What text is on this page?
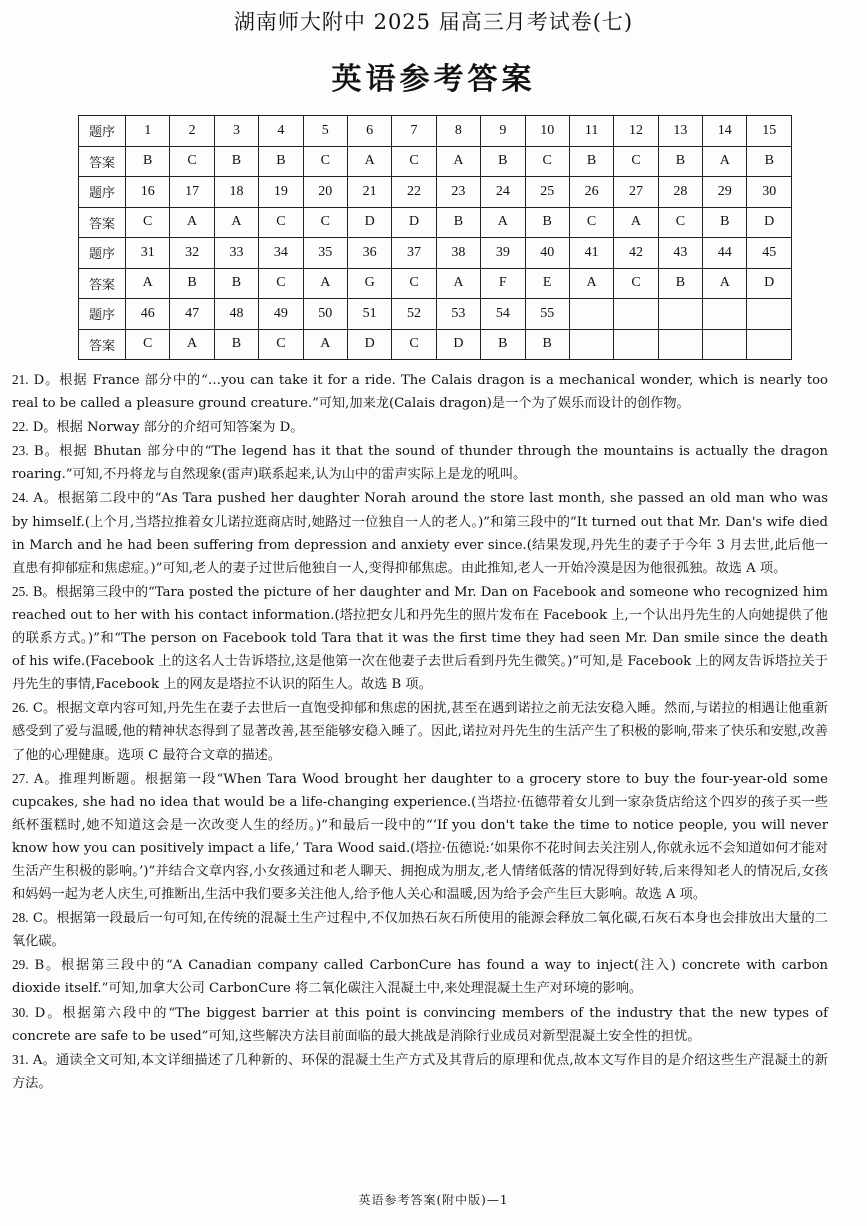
湖南师大附中 2025 届高三月考试卷(七)
英语参考答案
题序	1	2	3	4	5	6	7	8	9	10	11	12	13	14	15
答案	B	C	B	B	C	A	C	A	B	C	B	C	B	A	B
题序	16	17	18	19	20	21	22	23	24	25	26	27	28	29	30
答案	C	A	A	C	C	D	D	B	A	B	C	A	C	B	D
题序	31	32	33	34	35	36	37	38	39	40	41	42	43	44	45
答案	A	B	B	C	A	G	C	A	F	E	A	C	B	A	D
题序	46	47	48	49	50	51	52	53	54	55					
答案	C	A	B	C	A	D	C	D	B	B					

21. D。根据 France 部分中的“…you can take it for a ride. The Calais dragon is a mechanical wonder, which is nearly too real to be called a pleasure ground creature.”可知,加来龙(Calais dragon)是一个为了娱乐而设计的创作物。

22. D。根据 Norway 部分的介绍可知答案为 D。

23. B。根据 Bhutan 部分中的“The legend has it that the sound of thunder through the mountains is actually the dragon roaring.”可知,不丹将龙与自然现象(雷声)联系起来,认为山中的雷声实际上是龙的吼叫。

24. A。根据第二段中的“As Tara pushed her daughter Norah around the store last month, she passed an old man who was by himself.(上个月,当塔拉推着女儿诺拉逛商店时,她路过一位独自一人的老人。)”和第三段中的“It turned out that Mr. Dan's wife died in March and he had been suffering from depression and anxiety ever since.(结果发现,丹先生的妻子于今年 3 月去世,此后他一直患有抑郁症和焦虑症。)”可知,老人的妻子过世后他独自一人,变得抑郁焦虑。由此推知,老人一开始冷漠是因为他很孤独。故选 A 项。

25. B。根据第三段中的“Tara posted the picture of her daughter and Mr. Dan on Facebook and someone who recognized him reached out to her with his contact information.(塔拉把女儿和丹先生的照片发布在 Facebook 上,一个认出丹先生的人向她提供了他的联系方式。)”和“The person on Facebook told Tara that it was the first time they had seen Mr. Dan smile since the death of his wife.(Facebook 上的这名人士告诉塔拉,这是他第一次在他妻子去世后看到丹先生微笑。)”可知,是 Facebook 上的网友告诉塔拉关于丹先生的事情,Facebook 上的网友是塔拉不认识的陌生人。故选 B 项。

26. C。根据文章内容可知,丹先生在妻子去世后一直饱受抑郁和焦虑的困扰,甚至在遇到诺拉之前无法安稳入睡。然而,与诺拉的相遇让他重新感受到了爱与温暖,他的精神状态得到了显著改善,甚至能够安稳入睡了。因此,诺拉对丹先生的生活产生了积极的影响,带来了快乐和安慰,改善了他的心理健康。选项 C 最符合文章的描述。

27. A。推理判断题。根据第一段“When Tara Wood brought her daughter to a grocery store to buy the four-year-old some cupcakes, she had no idea that would be a life-changing experience.(当塔拉·伍德带着女儿到一家杂货店给这个四岁的孩子买一些纸杯蛋糕时,她不知道这会是一次改变人生的经历。)”和最后一段中的“‘If you don't take the time to notice people, you will never know how you can positively impact a life,’ Tara Wood said.(塔拉·伍德说:‘如果你不花时间去关注别人,你就永远不会知道如何才能对生活产生积极的影响。’)”并结合文章内容,小女孩通过和老人聊天、拥抱成为朋友,老人情绪低落的情况得到好转,后来得知老人的情况后,女孩和妈妈一起为老人庆生,可推断出,生活中我们要多关注他人,给予他人关心和温暖,因为给予会产生巨大影响。故选 A 项。

28. C。根据第一段最后一句可知,在传统的混凝土生产过程中,不仅加热石灰石所使用的能源会释放二氧化碳,石灰石本身也会排放出大量的二氧化碳。

29. B。根据第三段中的“A Canadian company called CarbonCure has found a way to inject(注入) concrete with carbon dioxide itself.”可知,加拿大公司 CarbonCure 将二氧化碳注入混凝土中,来处理混凝土生产对环境的影响。

30. D。根据第六段中的“The biggest barrier at this point is convincing members of the industry that the new types of concrete are safe to be used”可知,这些解决方法目前面临的最大挑战是消除行业成员对新型混凝土安全性的担忧。

31. A。通读全文可知,本文详细描述了几种新的、环保的混凝土生产方式及其背后的原理和优点,故本文写作目的是介绍这些生产混凝土的新方法。

英语参考答案(附中版)—1
